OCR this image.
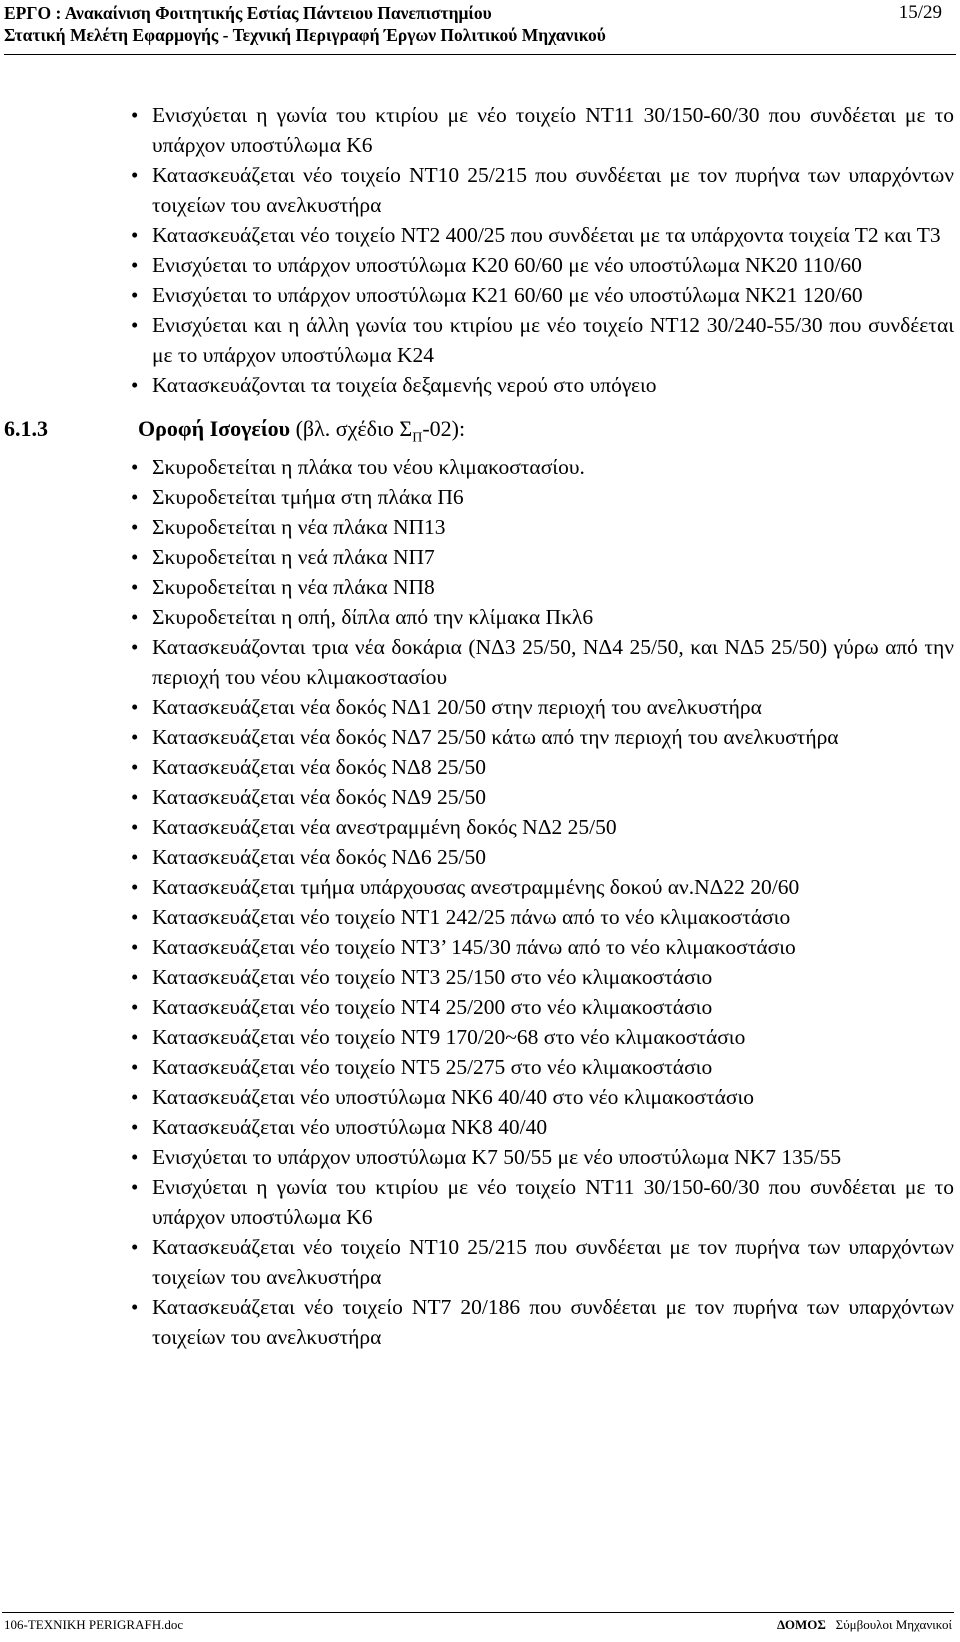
ΕΡΓΟ : Ανακαίνιση Φοιτητικής Εστίας Πάντειου Πανεπιστημίου	15/29
Στατική Μελέτη Εφαρμογής - Τεχνική Περιγραφή Έργων Πολιτικού Μηχανικού
• Ενισχύεται η γωνία του κτιρίου με νέο τοιχείο ΝΤ11 30/150-60/30 που συνδέεται με το υπάρχον υποστύλωμα Κ6
• Κατασκευάζεται νέο τοιχείο ΝΤ10 25/215 που συνδέεται με τον πυρήνα των υπαρχόντων τοιχείων του ανελκυστήρα
• Κατασκευάζεται νέο τοιχείο ΝΤ2 400/25 που συνδέεται με τα υπάρχοντα τοιχεία Τ2 και Τ3
• Ενισχύεται το υπάρχον υποστύλωμα Κ20 60/60 με νέο υποστύλωμα ΝΚ20 110/60
• Ενισχύεται το υπάρχον υποστύλωμα Κ21 60/60 με νέο υποστύλωμα ΝΚ21 120/60
• Ενισχύεται και η άλλη γωνία του κτιρίου με νέο τοιχείο ΝΤ12 30/240-55/30 που συνδέεται με το υπάρχον υποστύλωμα Κ24
• Κατασκευάζονται τα τοιχεία δεξαμενής νερού στο υπόγειο
6.1.3	Οροφή Ισογείου (βλ. σχέδιο $\Sigma_\Pi-02$):
• Σκυροδετείται η πλάκα του νέου κλιμακοστασίου.
• Σκυροδετείται τμήμα στη πλάκα Π6
• Σκυροδετείται η νέα πλάκα ΝΠ13
• Σκυροδετείται η νεά πλάκα ΝΠ7
• Σκυροδετείται η νέα πλάκα ΝΠ8
• Σκυροδετείται η οπή, δίπλα από την κλίμακα Πκλ6
• Κατασκευάζονται τρια νέα δοκάρια (ΝΔ3 25/50, ΝΔ4 25/50, και ΝΔ5 25/50) γύρω από την περιοχή του νέου κλιμακοστασίου
• Κατασκευάζεται νέα δοκός ΝΔ1 20/50 στην περιοχή του ανελκυστήρα
• Κατασκευάζεται νέα δοκός ΝΔ7 25/50 κάτω από την περιοχή του ανελκυστήρα
• Κατασκευάζεται νέα δοκός ΝΔ8 25/50
• Κατασκευάζεται νέα δοκός ΝΔ9 25/50
• Κατασκευάζεται νέα ανεστραμμένη δοκός ΝΔ2 25/50
• Κατασκευάζεται νέα δοκός ΝΔ6 25/50
• Κατασκευάζεται τμήμα υπάρχουσας ανεστραμμένης δοκού αν.ΝΔ22 20/60
• Κατασκευάζεται νέο τοιχείο ΝΤ1 242/25 πάνω από το νέο κλιμακοστάσιο
• Κατασκευάζεται νέο τοιχείο ΝΤ3’ 145/30 πάνω από το νέο κλιμακοστάσιο
• Κατασκευάζεται νέο τοιχείο ΝΤ3 25/150 στο νέο κλιμακοστάσιο
• Κατασκευάζεται νέο τοιχείο ΝΤ4 25/200 στο νέο κλιμακοστάσιο
• Κατασκευάζεται νέο τοιχείο ΝΤ9 170/20~68 στο νέο κλιμακοστάσιο
• Κατασκευάζεται νέο τοιχείο ΝΤ5 25/275 στο νέο κλιμακοστάσιο
• Κατασκευάζεται νέο υποστύλωμα ΝΚ6 40/40 στο νέο κλιμακοστάσιο
• Κατασκευάζεται νέο υποστύλωμα ΝΚ8 40/40
• Ενισχύεται το υπάρχον υποστύλωμα Κ7 50/55 με νέο υποστύλωμα ΝΚ7 135/55
• Ενισχύεται η γωνία του κτιρίου με νέο τοιχείο ΝΤ11 30/150-60/30 που συνδέεται με το υπάρχον υποστύλωμα Κ6
• Κατασκευάζεται νέο τοιχείο ΝΤ10 25/215 που συνδέεται με τον πυρήνα των υπαρχόντων τοιχείων του ανελκυστήρα
• Κατασκευάζεται νέο τοιχείο ΝΤ7 20/186 που συνδέεται με τον πυρήνα των υπαρχόντων τοιχείων του ανελκυστήρα
106-ΤΕΧΝΙΚΗ PERIGRAFH.doc	ΔΟΜΟΣ Σύμβουλοι Μηχανικοί
